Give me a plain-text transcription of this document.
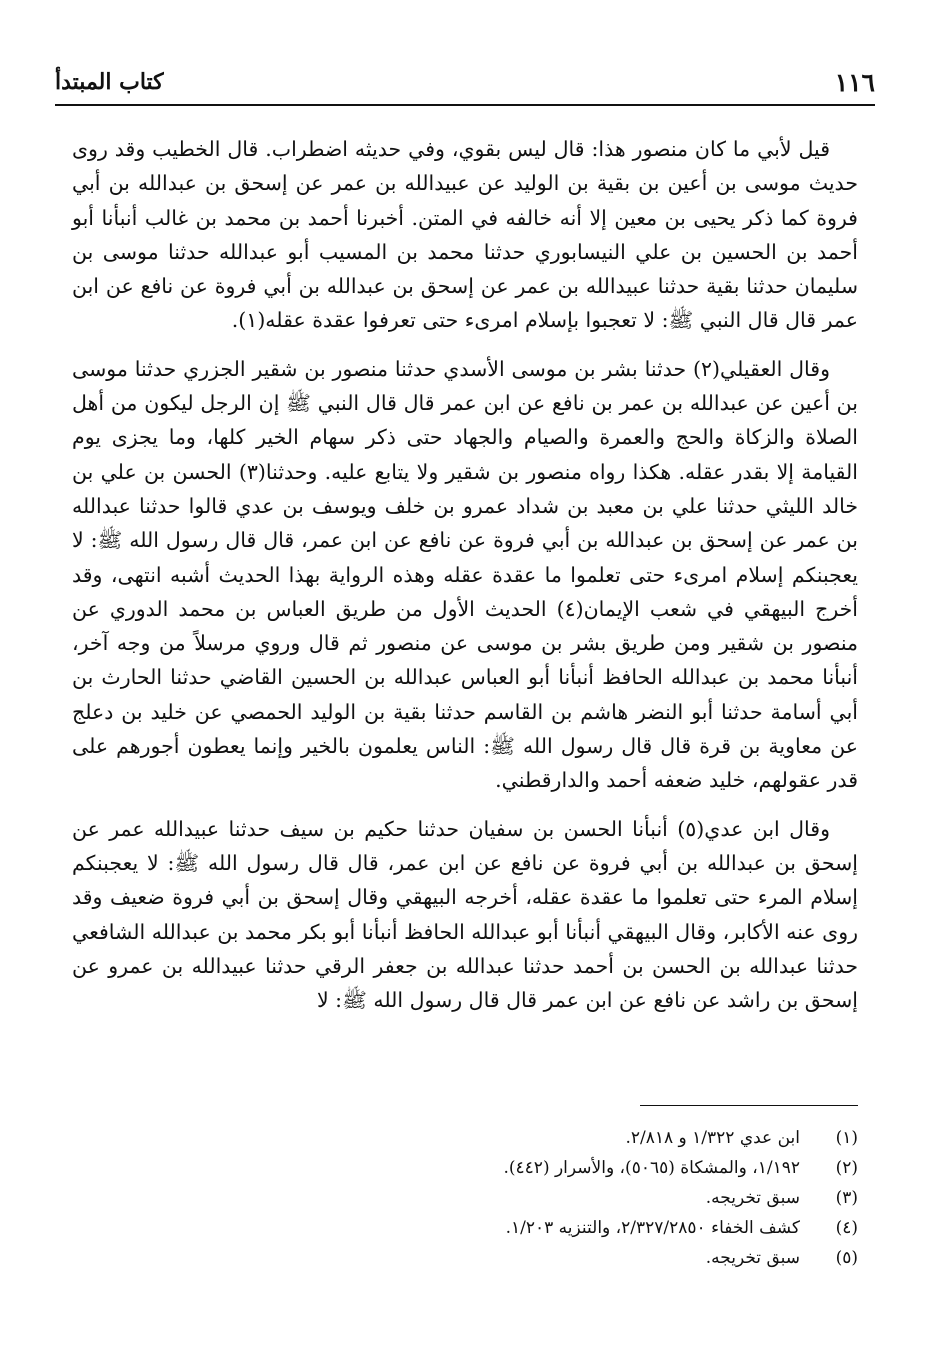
١١٦
كتاب المبتدأ

قيل لأبي ما كان منصور هذا: قال ليس بقوي، وفي حديثه اضطراب. قال الخطيب وقد روى حديث موسى بن أعين بن بقية بن الوليد عن عبيدالله بن عمر عن إسحق بن عبدالله بن أبي فروة كما ذكر يحيى بن معين إلا أنه خالفه في المتن. أخبرنا أحمد بن محمد بن غالب أنبأنا أبو أحمد بن الحسين بن علي النيسابوري حدثنا محمد بن المسيب أبو عبدالله حدثنا موسى بن سليمان حدثنا بقية حدثنا عبيدالله بن عمر عن إسحق بن عبدالله بن أبي فروة عن نافع عن ابن عمر قال قال النبي ﷺ: لا تعجبوا بإسلام امرىء حتى تعرفوا عقدة عقله(١).

وقال العقيلي(٢) حدثنا بشر بن موسى الأسدي حدثنا منصور بن شقير الجزري حدثنا موسى بن أعين عن عبدالله بن عمر بن نافع عن ابن عمر قال قال النبي ﷺ إن الرجل ليكون من أهل الصلاة والزكاة والحج والعمرة والصيام والجهاد حتى ذكر سهام الخير كلها، وما يجزى يوم القيامة إلا بقدر عقله. هكذا رواه منصور بن شقير ولا يتابع عليه. وحدثنا(٣) الحسن بن علي بن خالد الليثي حدثنا علي بن معبد بن شداد عمرو بن خلف ويوسف بن عدي قالوا حدثنا عبدالله بن عمر عن إسحق بن عبدالله بن أبي فروة عن نافع عن ابن عمر، قال قال رسول الله ﷺ: لا يعجبنكم إسلام امرىء حتى تعلموا ما عقدة عقله وهذه الرواية بهذا الحديث أشبه انتهى، وقد أخرج البيهقي في شعب الإيمان(٤) الحديث الأول من طريق العباس بن محمد الدوري عن منصور بن شقير ومن طريق بشر بن موسى عن منصور ثم قال وروي مرسلاً من وجه آخر، أنبأنا محمد بن عبدالله الحافظ أنبأنا أبو العباس عبدالله بن الحسين القاضي حدثنا الحارث بن أبي أسامة حدثنا أبو النضر هاشم بن القاسم حدثنا بقية بن الوليد الحمصي عن خليد بن دعلج عن معاوية بن قرة قال قال رسول الله ﷺ: الناس يعلمون بالخير وإنما يعطون أجورهم على قدر عقولهم، خليد ضعفه أحمد والدارقطني.

وقال ابن عدي(٥) أنبأنا الحسن بن سفيان حدثنا حكيم بن سيف حدثنا عبيدالله عمر عن إسحق بن عبدالله بن أبي فروة عن نافع عن ابن عمر، قال قال رسول الله ﷺ: لا يعجبنكم إسلام المرء حتى تعلموا ما عقدة عقله، أخرجه البيهقي وقال إسحق بن أبي فروة ضعيف وقد روى عنه الأكابر، وقال البيهقي أنبأنا أبو عبدالله الحافظ أنبأنا أبو بكر محمد بن عبدالله الشافعي حدثنا عبدالله بن الحسن بن أحمد حدثنا عبدالله بن جعفر الرقي حدثنا عبيدالله بن عمرو عن إسحق بن راشد عن نافع عن ابن عمر قال قال رسول الله ﷺ: لا

(١)
ابن عدي ١/٣٢٢ و ٢/٨١٨.
(٢)
١/١٩٢، والمشكاة (٥٠٦٥)، والأسرار (٤٤٢).
(٣)
سبق تخريجه.
(٤)
كشف الخفاء ٢/٣٢٧/٢٨٥٠، والتنزيه ١/٢٠٣.
(٥)
سبق تخريجه.
